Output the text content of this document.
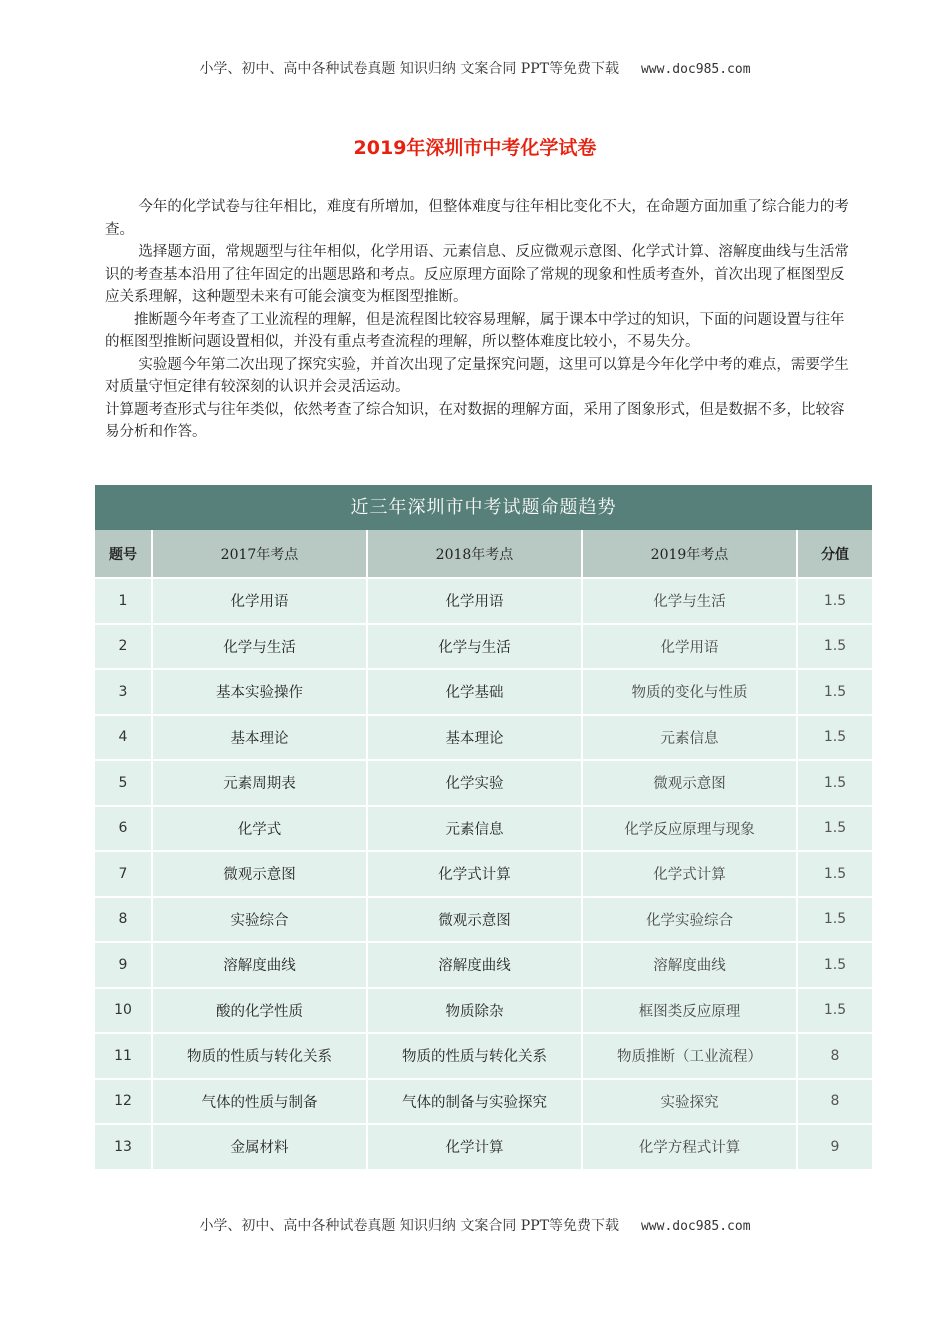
小学、初中、高中各种试卷真题 知识归纳 文案合同 PPT等免费下载 www.doc985.com
2019年深圳市中考化学试卷

今年的化学试卷与往年相比，难度有所增加，但整体难度与往年相比变化不大，在命题方面加重了综合能力的考查。

选择题方面，常规题型与往年相似，化学用语、元素信息、反应微观示意图、化学式计算、溶解度曲线与生活常识的考查基本沿用了往年固定的出题思路和考点。反应原理方面除了常规的现象和性质考查外，首次出现了框图型反应关系理解，这种题型未来有可能会演变为框图型推断。

推断题今年考查了工业流程的理解，但是流程图比较容易理解，属于课本中学过的知识，下面的问题设置与往年的框图型推断问题设置相似，并没有重点考查流程的理解，所以整体难度比较小，不易失分。

实验题今年第二次出现了探究实验，并首次出现了定量探究问题，这里可以算是今年化学中考的难点，需要学生对质量守恒定律有较深刻的认识并会灵活运动。

计算题考查形式与往年类似，依然考查了综合知识，在对数据的理解方面，采用了图象形式，但是数据不多，比较容易分析和作答。

近三年深圳市中考试题命题趋势
题号	2017年考点	2018年考点	2019年考点	分值
1	化学用语	化学用语	化学与生活	1.5
2	化学与生活	化学与生活	化学用语	1.5
3	基本实验操作	化学基础	物质的变化与性质	1.5
4	基本理论	基本理论	元素信息	1.5
5	元素周期表	化学实验	微观示意图	1.5
6	化学式	元素信息	化学反应原理与现象	1.5
7	微观示意图	化学式计算	化学式计算	1.5
8	实验综合	微观示意图	化学实验综合	1.5
9	溶解度曲线	溶解度曲线	溶解度曲线	1.5
10	酸的化学性质	物质除杂	框图类反应原理	1.5
11	物质的性质与转化关系	物质的性质与转化关系	物质推断（工业流程）	8
12	气体的性质与制备	气体的制备与实验探究	实验探究	8
13	金属材料	化学计算	化学方程式计算	9
小学、初中、高中各种试卷真题 知识归纳 文案合同 PPT等免费下载 www.doc985.com
